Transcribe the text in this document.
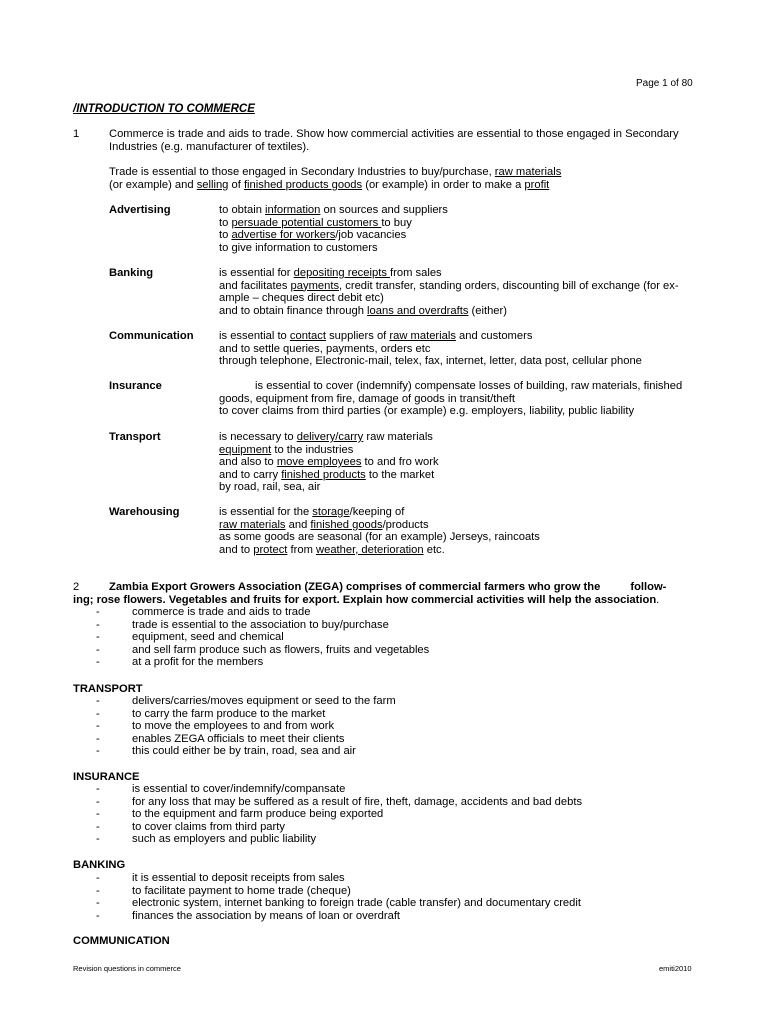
Page 1 of 80
/INTRODUCTION TO COMMERCE
1	Commerce is trade and aids to trade. Show how commercial activities are essential to those engaged in Secondary Industries (e.g. manufacturer of textiles).
Trade is essential to those engaged in Secondary Industries to buy/purchase, raw materials
(or example) and selling of finished products goods (or example) in order to make a profit
Advertising	to obtain information on sources and suppliers
to persuade potential customers to buy
to advertise for workers/job vacancies
to give information to customers
Banking	is essential for depositing receipts from sales
and facilitates payments, credit transfer, standing orders, discounting bill of exchange (for ex-
ample – cheques direct debit etc)
and to obtain finance through loans and overdrafts (either)
Communication is essential to contact suppliers of raw materials and customers
and to settle queries, payments, orders etc
through telephone, Electronic-mail, telex, fax, internet, letter, data post, cellular phone
Insurance	is essential to cover (indemnify) compensate losses of building, raw materials, finished
goods, equipment from fire, damage of goods in transit/theft
to cover claims from third parties (or example) e.g. employers, liability, public liability
Transport	is necessary to delivery/carry raw materials
equipment to the industries
and also to move employees to and fro work
and to carry finished products to the market
by road, rail, sea, air
Warehousing	is essential for the storage/keeping of
raw materials and finished goods/products
as some goods are seasonal (for an example) Jerseys, raincoats
and to protect from weather, deterioration etc.
2	Zambia Export Growers Association (ZEGA) comprises of commercial farmers who grow the	follow-
ing; rose flowers. Vegetables and fruits for export. Explain how commercial activities will help the association.
-	commerce is trade and aids to trade
-	trade is essential to the association to buy/purchase
-	equipment, seed and chemical
-	and sell farm produce such as flowers, fruits and vegetables
-	at a profit for the members
TRANSPORT
-	delivers/carries/moves equipment or seed to the farm
-	to carry the farm produce to the market
-	to move the employees to and from work
-	enables ZEGA officials to meet their clients
-	this could either be by train, road, sea and air
INSURANCE
-	is essential to cover/indemnify/compansate
-	for any loss that may be suffered as a result of fire, theft, damage, accidents and bad debts
-	to the equipment and farm produce being exported
-	to cover claims from third party
-	such as employers and public liability
BANKING
-	it is essential to deposit receipts from sales
-	to facilitate payment to home trade (cheque)
-	electronic system, internet banking to foreign trade (cable transfer) and documentary credit
-	finances the association by means of loan or overdraft
COMMUNICATION
Revision questions in commerce	emiti2010
